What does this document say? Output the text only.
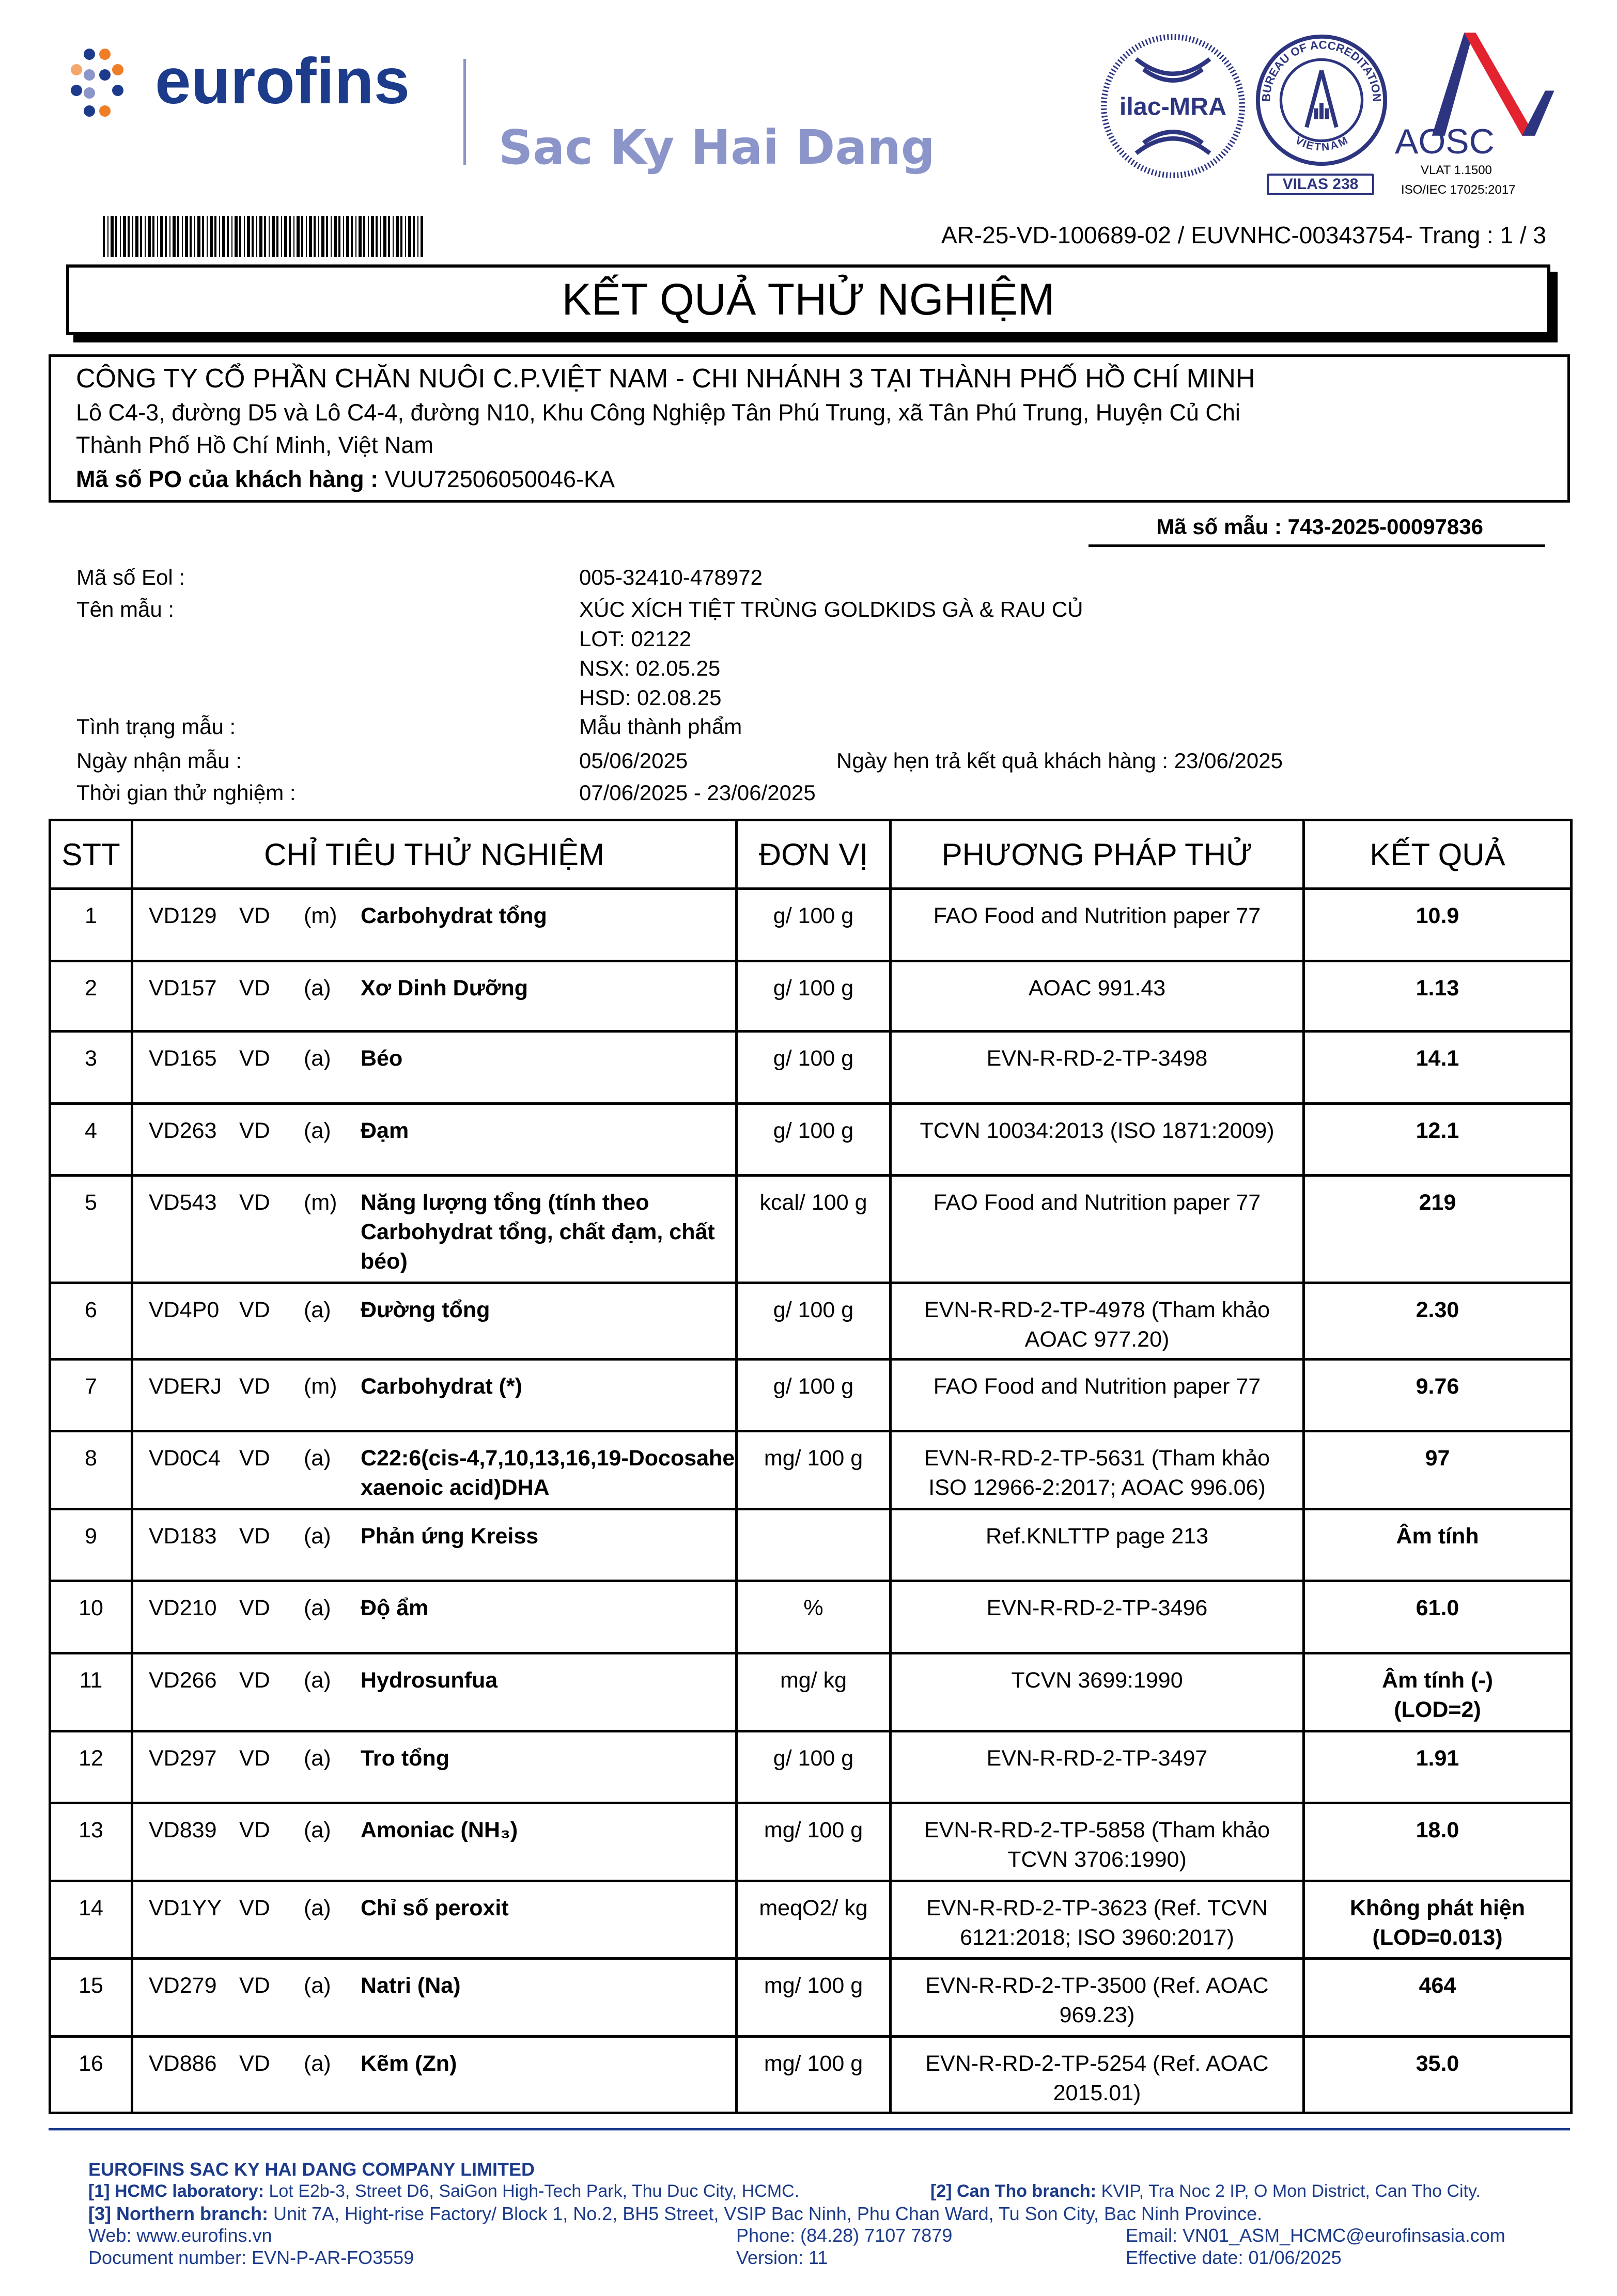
eurofins
Sac Ky Hai Dang
ilac-MRA	BUREAU OF ACCREDITATION
VIETNAM
VILAS 238
AOSC
VLAT 1.1500
ISO/IEC 17025:2017
AR-25-VD-100689-02 / EUVNHC-00343754- Trang : 1 / 3
KẾT QUẢ THỬ NGHIỆM
CÔNG TY CỔ PHẦN CHĂN NUÔI C.P.VIỆT NAM - CHI NHÁNH 3 TẠI THÀNH PHỐ HỒ CHÍ MINH
Lô C4-3, đường D5 và Lô C4-4, đường N10, Khu Công Nghiệp Tân Phú Trung, xã Tân Phú Trung, Huyện Củ Chi
Thành Phố Hồ Chí Minh, Việt Nam
Mã số PO của khách hàng : VUU72506050046-KA
Mã số mẫu : 743-2025-00097836
Mã số Eol :	005-32410-478972
Tên mẫu :	XÚC XÍCH TIỆT TRÙNG GOLDKIDS GÀ & RAU CỦ
LOT: 02122
NSX: 02.05.25
HSD: 02.08.25
Tình trạng mẫu :	Mẫu thành phẩm
Ngày nhận mẫu :	05/06/2025	Ngày hẹn trả kết quả khách hàng : 23/06/2025
Thời gian thử nghiệm :	07/06/2025 - 23/06/2025
STT	CHỈ TIÊU THỬ NGHIỆM	ĐƠN VỊ	PHƯƠNG PHÁP THỬ	KẾT QUẢ
1	VD129 VD (m) Carbohydrat tổng	g/ 100 g	FAO Food and Nutrition paper 77	10.9
2	VD157 VD (a) Xơ Dinh Dưỡng	g/ 100 g	AOAC 991.43	1.13
3	VD165 VD (a) Béo	g/ 100 g	EVN-R-RD-2-TP-3498	14.1
4	VD263 VD (a) Đạm	g/ 100 g	TCVN 10034:2013 (ISO 1871:2009)	12.1
5	VD543 VD (m) Năng lượng tổng (tính theo Carbohydrat tổng, chất đạm, chất béo)	kcal/ 100 g	FAO Food and Nutrition paper 77	219
6	VD4P0 VD (a) Đường tổng	g/ 100 g	EVN-R-RD-2-TP-4978 (Tham khảo AOAC 977.20)	2.30
7	VDERJ VD (m) Carbohydrat (*)	g/ 100 g	FAO Food and Nutrition paper 77	9.76
8	VD0C4 VD (a) C22:6(cis-4,7,10,13,16,19-Docosahe xaenoic acid)DHA	mg/ 100 g	EVN-R-RD-2-TP-5631 (Tham khảo ISO 12966-2:2017; AOAC 996.06)	97
9	VD183 VD (a) Phản ứng Kreiss		Ref.KNLTTP page 213	Âm tính
10	VD210 VD (a) Độ ẩm	%	EVN-R-RD-2-TP-3496	61.0
11	VD266 VD (a) Hydrosunfua	mg/ kg	TCVN 3699:1990	Âm tính (-) (LOD=2)
12	VD297 VD (a) Tro tổng	g/ 100 g	EVN-R-RD-2-TP-3497	1.91
13	VD839 VD (a) Amoniac (NH₃)	mg/ 100 g	EVN-R-RD-2-TP-5858 (Tham khảo TCVN 3706:1990)	18.0
14	VD1YY VD (a) Chỉ số peroxit	meqO2/ kg	EVN-R-RD-2-TP-3623 (Ref. TCVN 6121:2018; ISO 3960:2017)	Không phát hiện (LOD=0.013)
15	VD279 VD (a) Natri (Na)	mg/ 100 g	EVN-R-RD-2-TP-3500 (Ref. AOAC 969.23)	464
16	VD886 VD (a) Kẽm (Zn)	mg/ 100 g	EVN-R-RD-2-TP-5254 (Ref. AOAC 2015.01)	35.0
EUROFINS SAC KY HAI DANG COMPANY LIMITED
[1] HCMC laboratory: Lot E2b-3, Street D6, SaiGon High-Tech Park, Thu Duc City, HCMC.	[2] Can Tho branch: KVIP, Tra Noc 2 IP, O Mon District, Can Tho City.
[3] Northern branch: Unit 7A, Hight-rise Factory/ Block 1, No.2, BH5 Street, VSIP Bac Ninh, Phu Chan Ward, Tu Son City, Bac Ninh Province.
Web: www.eurofins.vn	Phone: (84.28) 7107 7879	Email: VN01_ASM_HCMC@eurofinsasia.com
Document number: EVN-P-AR-FO3559	Version: 11	Effective date: 01/06/2025
